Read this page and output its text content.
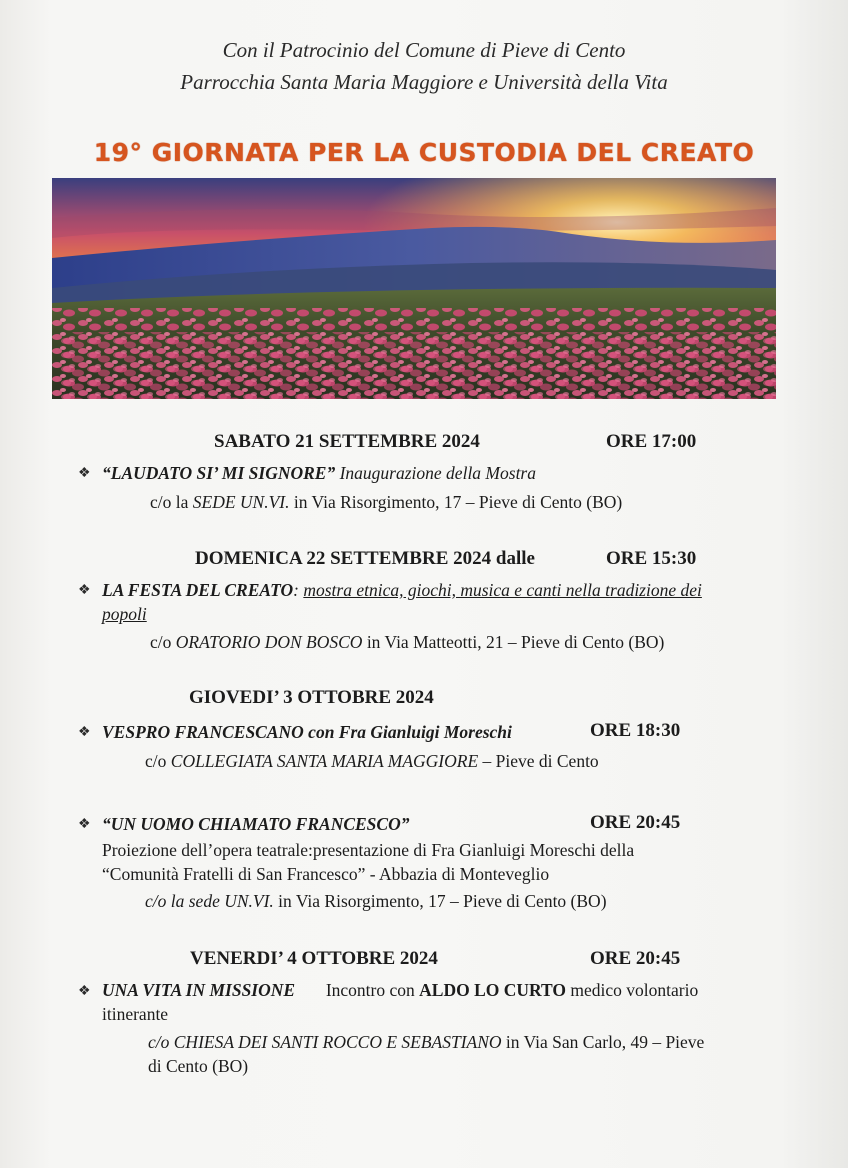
Con il Patrocinio del Comune di Pieve di Cento
Parrocchia Santa Maria Maggiore e Università della Vita
19° GIORNATA PER LA CUSTODIA DEL CREATO
SABATO 21 SETTEMBRE 2024	ORE 17:00
❖ “LAUDATO SI’ MI SIGNORE” Inaugurazione della Mostra
c/o la SEDE UN.VI. in Via Risorgimento, 17 – Pieve di Cento (BO)
DOMENICA 22 SETTEMBRE 2024 dalle	ORE 15:30
❖ LA FESTA DEL CREATO: mostra etnica, giochi, musica e canti nella tradizione dei
popoli
c/o ORATORIO DON BOSCO in Via Matteotti, 21 – Pieve di Cento (BO)
GIOVEDI’ 3 OTTOBRE 2024
❖ VESPRO FRANCESCANO con Fra Gianluigi Moreschi	ORE 18:30
c/o COLLEGIATA SANTA MARIA MAGGIORE – Pieve di Cento
❖ “UN UOMO CHIAMATO FRANCESCO”	ORE 20:45
Proiezione dell’opera teatrale:presentazione di Fra Gianluigi Moreschi della
“Comunità Fratelli di San Francesco” - Abbazia di Monteveglio
c/o la sede UN.VI. in Via Risorgimento, 17 – Pieve di Cento (BO)
VENERDI’ 4 OTTOBRE 2024	ORE 20:45
❖ UNA VITA IN MISSIONE Incontro con ALDO LO CURTO medico volontario
itinerante
c/o CHIESA DEI SANTI ROCCO E SEBASTIANO in Via San Carlo, 49 – Pieve
di Cento (BO)
